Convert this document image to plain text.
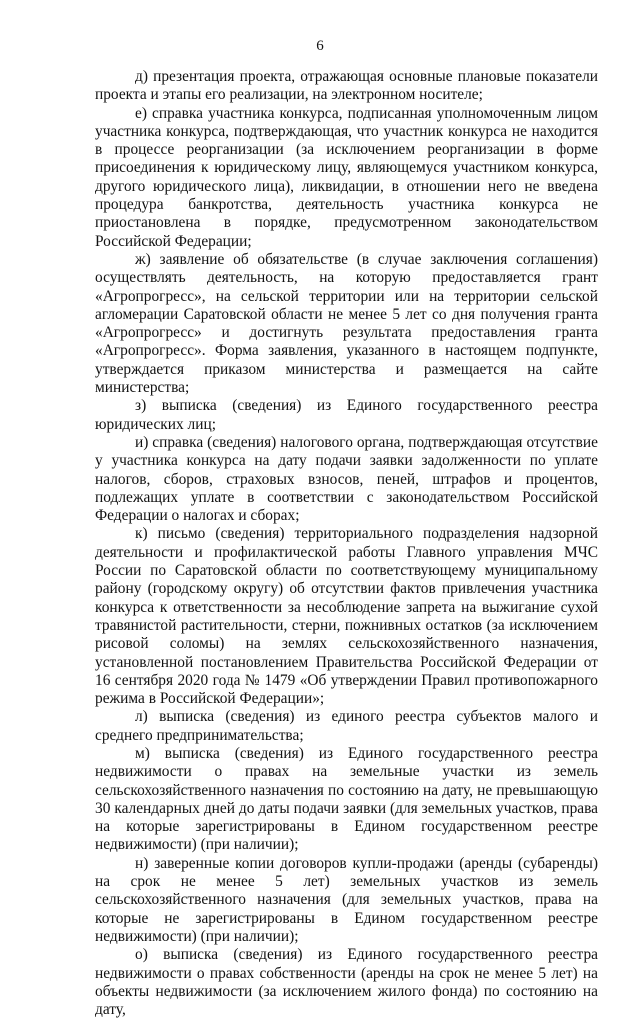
6

д) презентация проекта, отражающая основные плановые показатели проекта и этапы его реализации, на электронном носителе;

е) справка участника конкурса, подписанная уполномоченным лицом участника конкурса, подтверждающая, что участник конкурса не находится в процессе реорганизации (за исключением реорганизации в форме присоединения к юридическому лицу, являющемуся участником конкурса, другого юридического лица), ликвидации, в отношении него не введена процедура банкротства, деятельность участника конкурса не приостановлена в порядке, предусмотренном законодательством Российской Федерации;

ж) заявление об обязательстве (в случае заключения соглашения) осуществлять деятельность, на которую предоставляется грант «Агропрогресс», на сельской территории или на территории сельской агломерации Саратовской области не менее 5 лет со дня получения гранта «Агропрогресс» и достигнуть результата предоставления гранта «Агропрогресс». Форма заявления, указанного в настоящем подпункте, утверждается приказом министерства и размещается на сайте министерства;

з) выписка (сведения) из Единого государственного реестра юридических лиц;

и) справка (сведения) налогового органа, подтверждающая отсутствие у участника конкурса на дату подачи заявки задолженности по уплате налогов, сборов, страховых взносов, пеней, штрафов и процентов, подлежащих уплате в соответствии с законодательством Российской Федерации о налогах и сборах;

к) письмо (сведения) территориального подразделения надзорной деятельности и профилактической работы Главного управления МЧС России по Саратовской области по соответствующему муниципальному району (городскому округу) об отсутствии фактов привлечения участника конкурса к ответственности за несоблюдение запрета на выжигание сухой травянистой растительности, стерни, пожнивных остатков (за исключением рисовой соломы) на землях сельскохозяйственного назначения, установленной постановлением Правительства Российской Федерации от 16 сентября 2020 года № 1479 «Об утверждении Правил противопожарного режима в Российской Федерации»;

л) выписка (сведения) из единого реестра субъектов малого и среднего предпринимательства;

м) выписка (сведения) из Единого государственного реестра недвижимости о правах на земельные участки из земель сельскохозяйственного назначения по состоянию на дату, не превышающую 30 календарных дней до даты подачи заявки (для земельных участков, права на которые зарегистрированы в Едином государственном реестре недвижимости) (при наличии);

н) заверенные копии договоров купли-продажи (аренды (субаренды) на срок не менее 5 лет) земельных участков из земель сельскохозяйственного назначения (для земельных участков, права на которые не зарегистрированы в Едином государственном реестре недвижимости) (при наличии);

о) выписка (сведения) из Единого государственного реестра недвижимости о правах собственности (аренды на срок не менее 5 лет) на объекты недвижимости (за исключением жилого фонда) по состоянию на дату,
